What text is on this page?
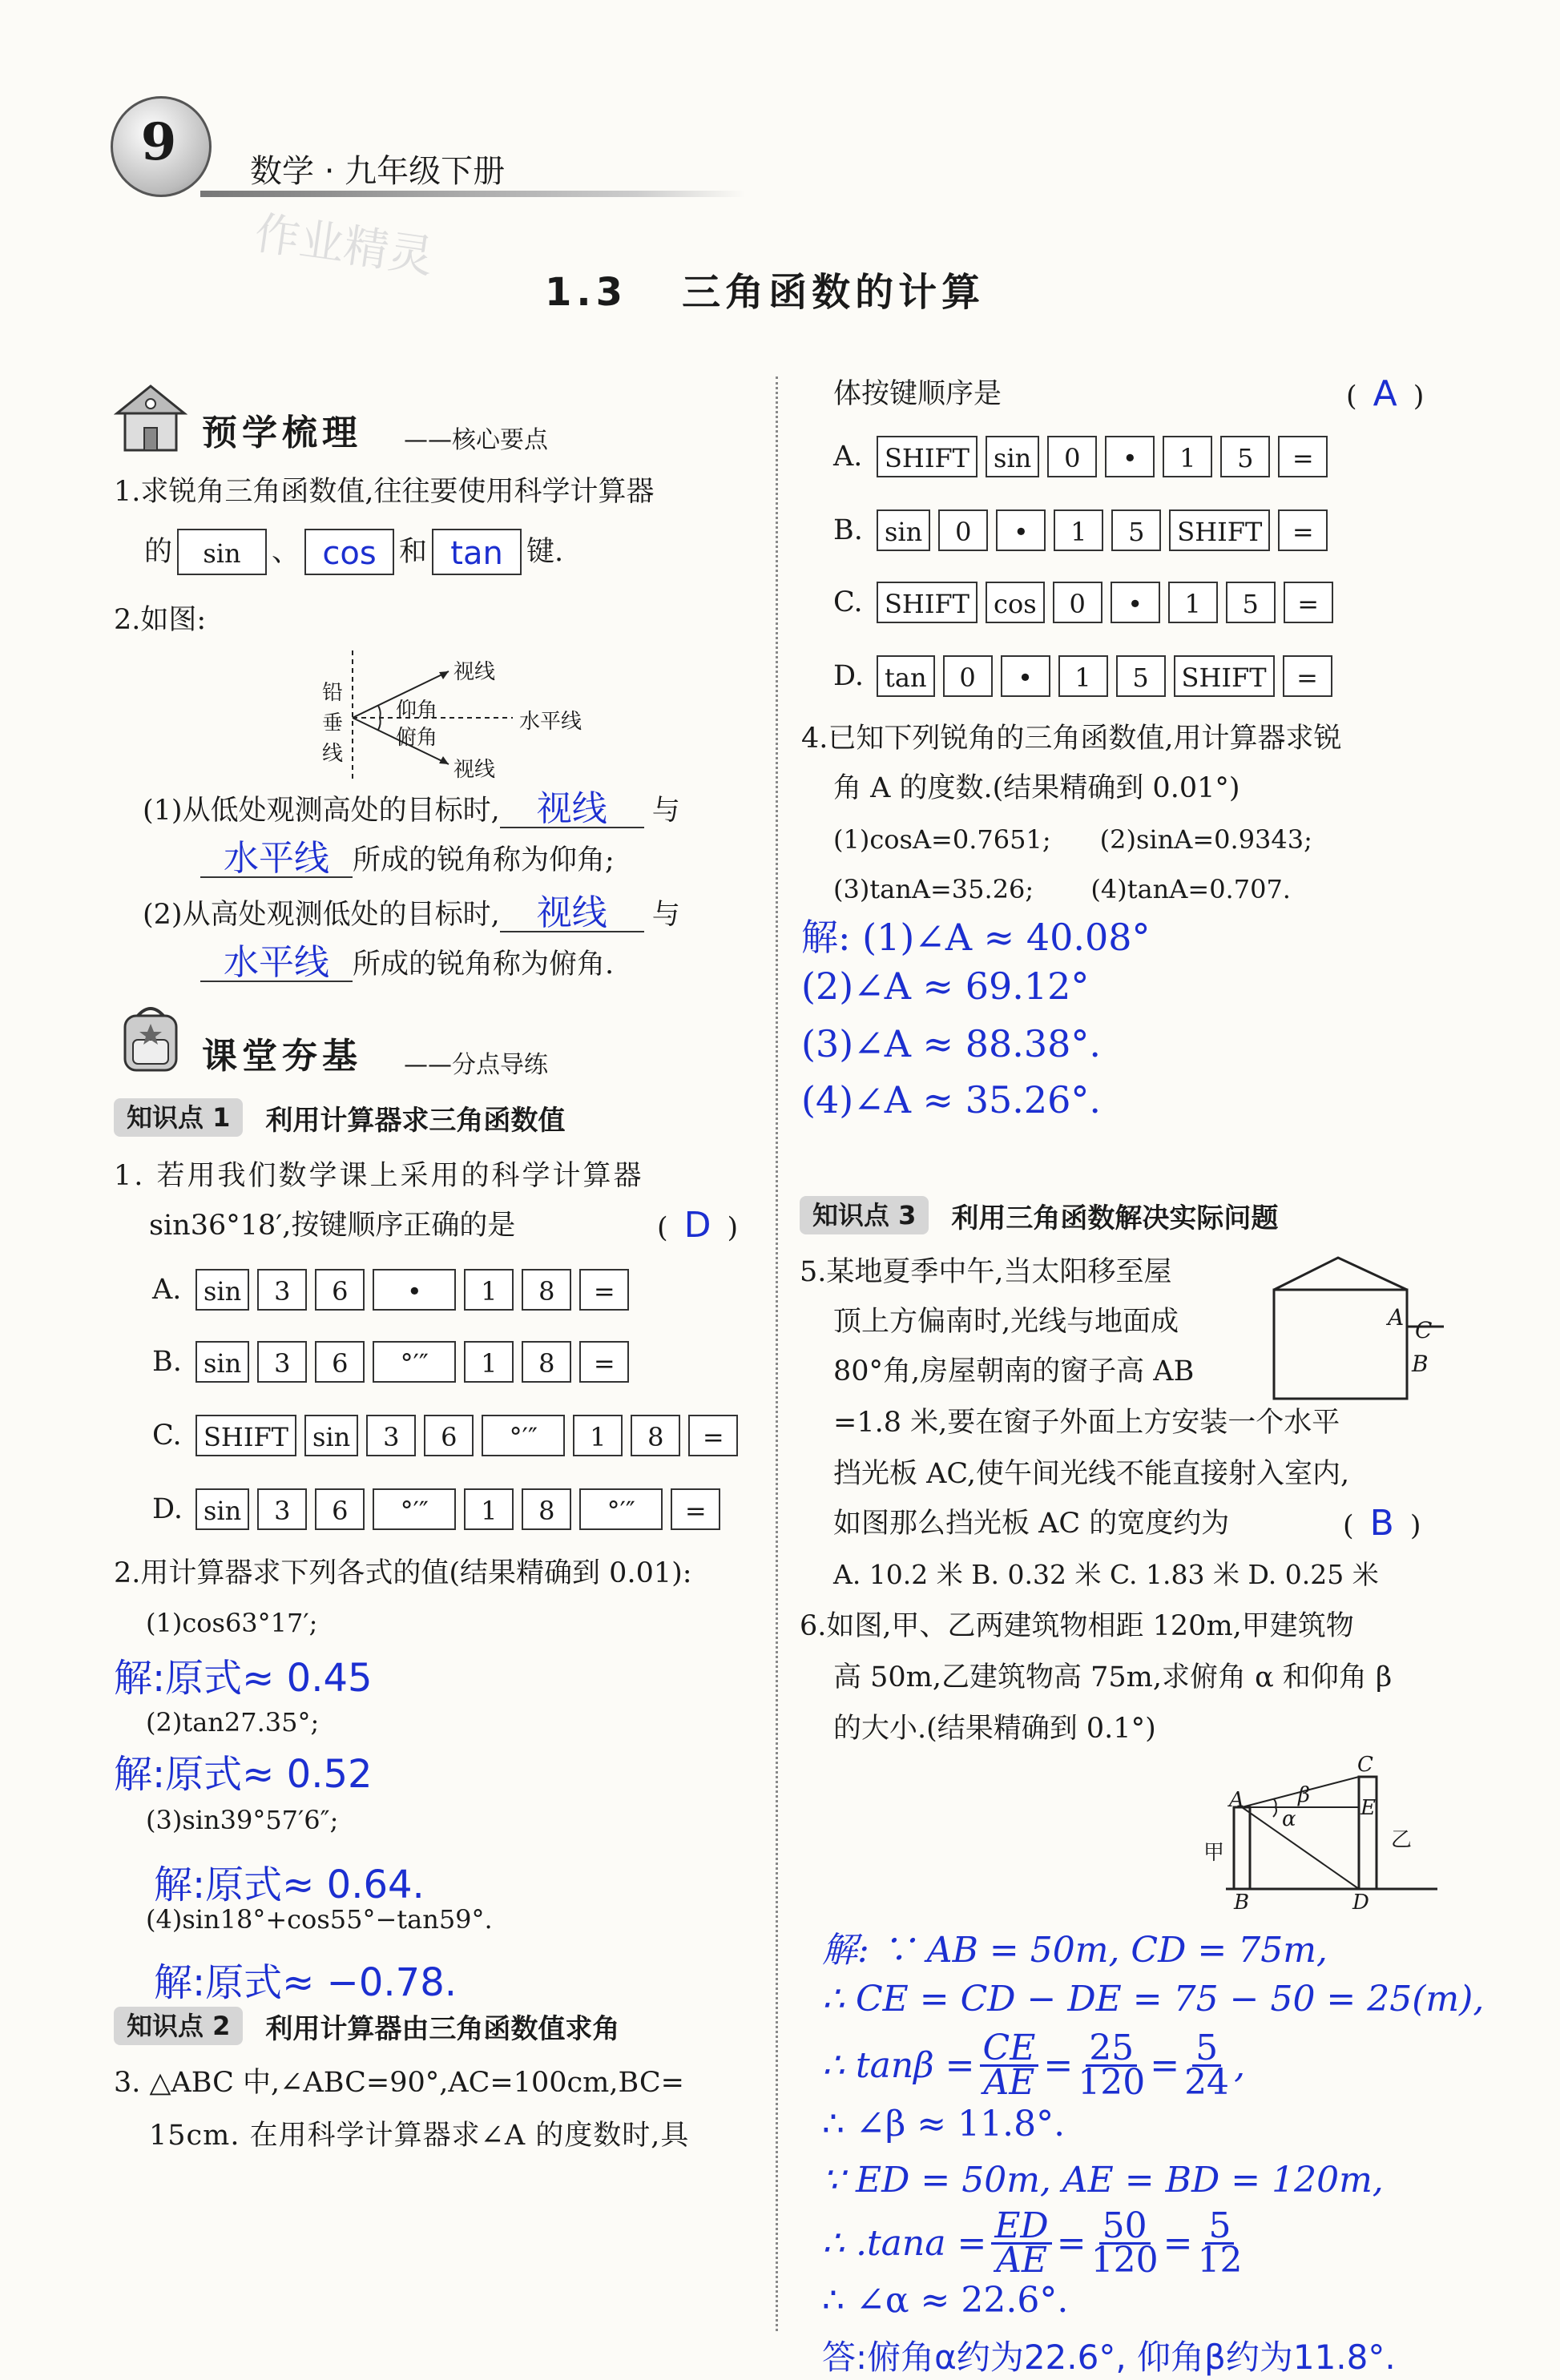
9	数学 · 九年级下册
作业精灵
1.3   三角函数的计算
预学梳理 ——核心要点
1.求锐角三角函数值,往往要使用科学计算器
的	sin	、 cos 和 tan 键.
2.如图:
铅
垂
线
视线
仰角	水平线
俯角
视线
(1)从低处观测高处的目标时, 视线 与
水平线 所成的锐角称为仰角;
(2)从高处观测低处的目标时, 视线 与
水平线 所成的锐角称为俯角.
课堂夯基 ——分点导练
知识点 1	利用计算器求三角函数值
1. 若用我们数学课上采用的科学计算器
sin36°18′,按键顺序正确的是	( D )
A. sin	3	6	•	1	8	=
B. sin	3	6	°′″	1	8	=
C. SHIFT sin	3	6	°′″	1	8	=
D. sin	3	6	°′″	1	8	°′″	=
2.用计算器求下列各式的值(结果精确到 0.01):
(1)cos63°17′;
解:原式≈ 0.45
(2)tan27.35°;
解:原式≈ 0.52
(3)sin39°57′6″;
解:原式≈ 0.64.
(4)sin18°+cos55°−tan59°.
解:原式≈ −0.78.
知识点 2	利用计算器由三角函数值求角
3. △ABC 中,∠ABC=90°,AC=100cm,BC=
15cm. 在用科学计算器求∠A 的度数时,具
体按键顺序是	( A )
A. SHIFT sin	0	•	1	5	=
B. sin	0	•	1	5	SHIFT	=
C. SHIFT cos	0	•	1	5	=
D. tan	0	•	1	5	SHIFT	=
4.已知下列锐角的三角函数值,用计算器求锐
角 A 的度数.(结果精确到 0.01°)
(1)cosA=0.7651;      (2)sinA=0.9343;
(3)tanA=35.26;       (4)tanA=0.707.
解: (1)∠A ≈ 40.08°
(2)∠A ≈ 69.12°
(3)∠A ≈ 88.38°.
(4)∠A ≈ 35.26°.
知识点 3	利用三角函数解决实际问题
5.某地夏季中午,当太阳移至屋
顶上方偏南时,光线与地面成
80°角,房屋朝南的窗子高 AB
=1.8 米,要在窗子外面上方安装一个水平
挡光板 AC,使午间光线不能直接射入室内,
如图那么挡光板 AC 的宽度约为	( B )
A. 10.2 米 B. 0.32 米 C. 1.83 米 D. 0.25 米
A C
B
6.如图,甲、乙两建筑物相距 120m,甲建筑物
高 50m,乙建筑物高 75m,求俯角 α 和仰角 β
的大小.(结果精确到 0.1°)
A
C
E
β
α
甲
乙
B	D
解: ∵ AB = 50m, CD = 75m,
∴ CE = CD − DE = 75 − 50 = 25(m),
∴ $\tan\beta = \frac{CE}{AE} = \frac{25}{120} = \frac{5}{24}$ ,
∴ ∠β ≈ 11.8°.
∵ ED = 50m, AE = BD = 120m,
∴ $.\tan a = \frac{ED}{AE} = \frac{50}{120} = \frac{5}{12}$
∴ ∠α ≈ 22.6°.
答:俯角α约为22.6°, 仰角β约为11.8°.
